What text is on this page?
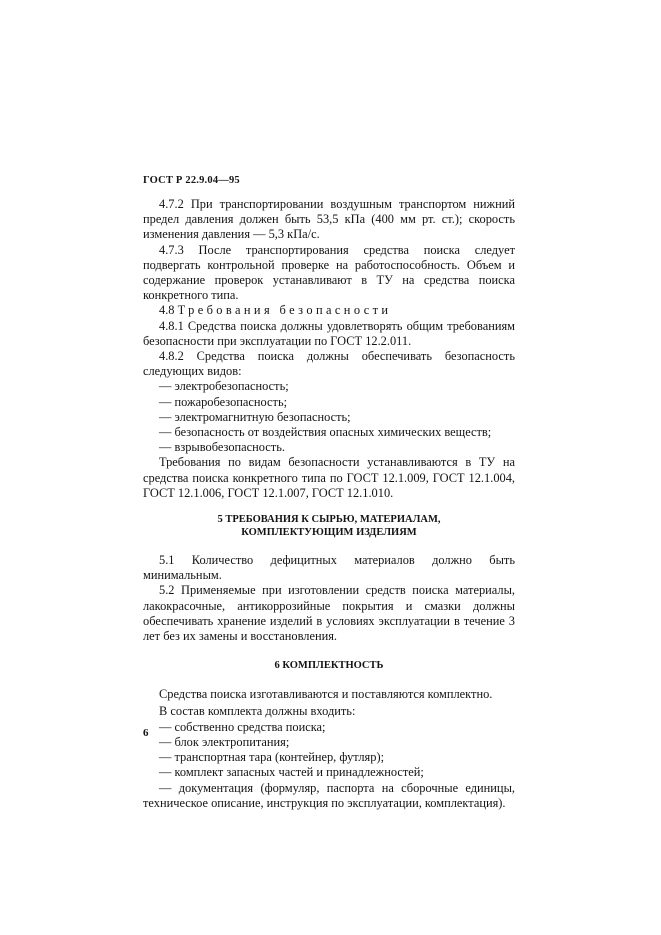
ГОСТ Р 22.9.04—95

4.7.2 При транспортировании воздушным транспортом нижний предел давления должен быть 53,5 кПа (400 мм рт. ст.); скорость изменения давления — 5,3 кПа/с.

4.7.3 После транспортирования средства поиска следует подвергать контрольной проверке на работоспособность. Объем и содержание проверок устанавливают в ТУ на средства поиска конкретного типа.

4.8 Требования безопасности

4.8.1 Средства поиска должны удовлетворять общим требованиям безопасности при эксплуатации по ГОСТ 12.2.011.

4.8.2 Средства поиска должны обеспечивать безопасность следующих видов:

— электробезопасность;

— пожаробезопасность;

— электромагнитную безопасность;

— безопасность от воздействия опасных химических веществ;

— взрывобезопасность.

Требования по видам безопасности устанавливаются в ТУ на средства поиска конкретного типа по ГОСТ 12.1.009, ГОСТ 12.1.004, ГОСТ 12.1.006, ГОСТ 12.1.007, ГОСТ 12.1.010.

5 ТРЕБОВАНИЯ К СЫРЬЮ, МАТЕРИАЛАМ,
КОМПЛЕКТУЮЩИМ ИЗДЕЛИЯМ

5.1 Количество дефицитных материалов должно быть минимальным.

5.2 Применяемые при изготовлении средств поиска материалы, лакокрасочные, антикоррозийные покрытия и смазки должны обеспечивать хранение изделий в условиях эксплуатации в течение 3 лет без их замены и восстановления.

6 КОМПЛЕКТНОСТЬ

Средства поиска изготавливаются и поставляются комплектно.

В состав комплекта должны входить:

— собственно средства поиска;

— блок электропитания;

— транспортная тара (контейнер, футляр);

— комплект запасных частей и принадлежностей;

— документация (формуляр, паспорта на сборочные единицы, техническое описание, инструкция по эксплуатации, комплектация).

6
